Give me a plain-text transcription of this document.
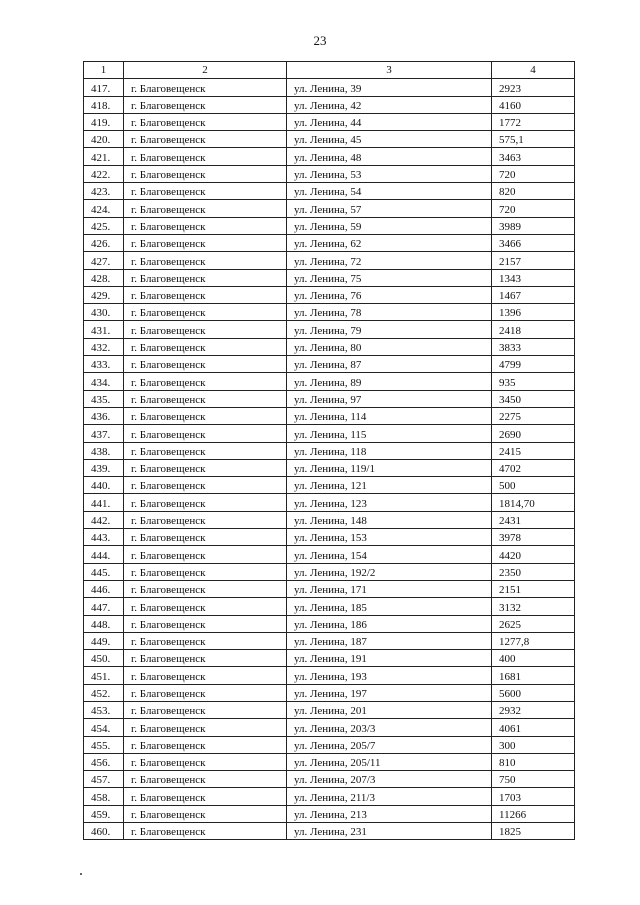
23
1	2	3	4
417.	г. Благовещенск	ул. Ленина, 39	2923
418.	г. Благовещенск	ул. Ленина, 42	4160
419.	г. Благовещенск	ул. Ленина, 44	1772
420.	г. Благовещенск	ул. Ленина, 45	575,1
421.	г. Благовещенск	ул. Ленина, 48	3463
422.	г. Благовещенск	ул. Ленина, 53	720
423.	г. Благовещенск	ул. Ленина, 54	820
424.	г. Благовещенск	ул. Ленина, 57	720
425.	г. Благовещенск	ул. Ленина, 59	3989
426.	г. Благовещенск	ул. Ленина, 62	3466
427.	г. Благовещенск	ул. Ленина, 72	2157
428.	г. Благовещенск	ул. Ленина, 75	1343
429.	г. Благовещенск	ул. Ленина, 76	1467
430.	г. Благовещенск	ул. Ленина, 78	1396
431.	г. Благовещенск	ул. Ленина, 79	2418
432.	г. Благовещенск	ул. Ленина, 80	3833
433.	г. Благовещенск	ул. Ленина, 87	4799
434.	г. Благовещенск	ул. Ленина, 89	935
435.	г. Благовещенск	ул. Ленина, 97	3450
436.	г. Благовещенск	ул. Ленина, 114	2275
437.	г. Благовещенск	ул. Ленина, 115	2690
438.	г. Благовещенск	ул. Ленина, 118	2415
439.	г. Благовещенск	ул. Ленина, 119/1	4702
440.	г. Благовещенск	ул. Ленина, 121	500
441.	г. Благовещенск	ул. Ленина, 123	1814,70
442.	г. Благовещенск	ул. Ленина, 148	2431
443.	г. Благовещенск	ул. Ленина, 153	3978
444.	г. Благовещенск	ул. Ленина, 154	4420
445.	г. Благовещенск	ул. Ленина, 192/2	2350
446.	г. Благовещенск	ул. Ленина, 171	2151
447.	г. Благовещенск	ул. Ленина, 185	3132
448.	г. Благовещенск	ул. Ленина, 186	2625
449.	г. Благовещенск	ул. Ленина, 187	1277,8
450.	г. Благовещенск	ул. Ленина, 191	400
451.	г. Благовещенск	ул. Ленина, 193	1681
452.	г. Благовещенск	ул. Ленина, 197	5600
453.	г. Благовещенск	ул. Ленина, 201	2932
454.	г. Благовещенск	ул. Ленина, 203/3	4061
455.	г. Благовещенск	ул. Ленина, 205/7	300
456.	г. Благовещенск	ул. Ленина, 205/11	810
457.	г. Благовещенск	ул. Ленина, 207/3	750
458.	г. Благовещенск	ул. Ленина, 211/3	1703
459.	г. Благовещенск	ул. Ленина, 213	11266
460.	г. Благовещенск	ул. Ленина, 231	1825
